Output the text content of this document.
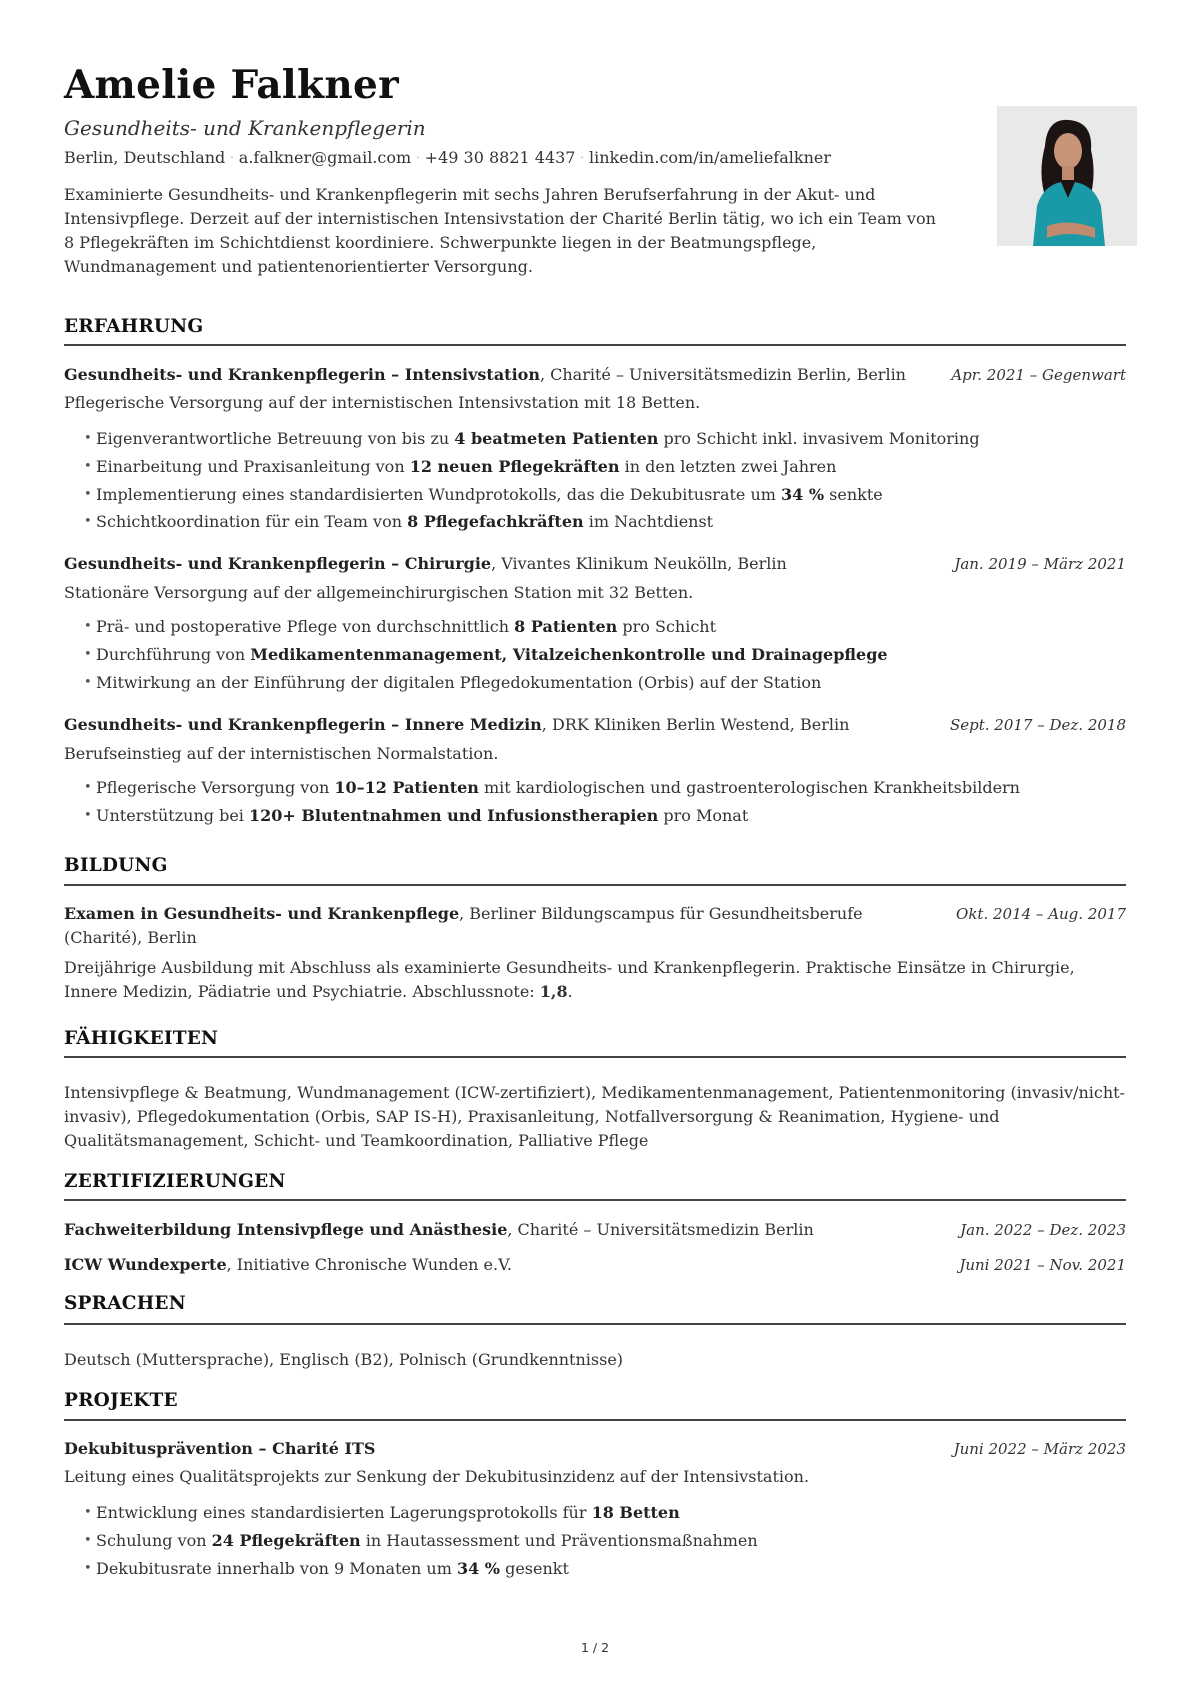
Amelie Falkner
Gesundheits- und Krankenpflegerin
Berlin, Deutschland · a.falkner@gmail.com · +49 30 8821 4437 · linkedin.com/in/ameliefalkner
Examinierte Gesundheits- und Krankenpflegerin mit sechs Jahren Berufserfahrung in der Akut- und Intensivpflege. Derzeit auf der internistischen Intensivstation der Charité Berlin tätig, wo ich ein Team von 8 Pflegekräften im Schichtdienst koordiniere. Schwerpunkte liegen in der Beatmungspflege, Wundmanagement und patientenorientierter Versorgung.
ERFAHRUNG
Gesundheits- und Krankenpflegerin – Intensivstation, Charité – Universitätsmedizin Berlin, Berlin	Apr. 2021 – Gegenwart
Pflegerische Versorgung auf der internistischen Intensivstation mit 18 Betten.
• Eigenverantwortliche Betreuung von bis zu 4 beatmeten Patienten pro Schicht inkl. invasivem Monitoring
• Einarbeitung und Praxisanleitung von 12 neuen Pflegekräften in den letzten zwei Jahren
• Implementierung eines standardisierten Wundprotokolls, das die Dekubitusrate um 34 % senkte
• Schichtkoordination für ein Team von 8 Pflegefachkräften im Nachtdienst
Gesundheits- und Krankenpflegerin – Chirurgie, Vivantes Klinikum Neukölln, Berlin	Jan. 2019 – März 2021
Stationäre Versorgung auf der allgemeinchirurgischen Station mit 32 Betten.
• Prä- und postoperative Pflege von durchschnittlich 8 Patienten pro Schicht
• Durchführung von Medikamentenmanagement, Vitalzeichenkontrolle und Drainagepflege
• Mitwirkung an der Einführung der digitalen Pflegedokumentation (Orbis) auf der Station
Gesundheits- und Krankenpflegerin – Innere Medizin, DRK Kliniken Berlin Westend, Berlin	Sept. 2017 – Dez. 2018
Berufseinstieg auf der internistischen Normalstation.
• Pflegerische Versorgung von 10–12 Patienten mit kardiologischen und gastroenterologischen Krankheitsbildern
• Unterstützung bei 120+ Blutentnahmen und Infusionstherapien pro Monat
BILDUNG
Examen in Gesundheits- und Krankenpflege, Berliner Bildungscampus für Gesundheitsberufe	Okt. 2014 – Aug. 2017
(Charité), Berlin
Dreijährige Ausbildung mit Abschluss als examinierte Gesundheits- und Krankenpflegerin. Praktische Einsätze in Chirurgie, Innere Medizin, Pädiatrie und Psychiatrie. Abschlussnote: 1,8.
FÄHIGKEITEN
Intensivpflege & Beatmung, Wundmanagement (ICW-zertifiziert), Medikamentenmanagement, Patientenmonitoring (invasiv/nicht-invasiv), Pflegedokumentation (Orbis, SAP IS-H), Praxisanleitung, Notfallversorgung & Reanimation, Hygiene- und Qualitätsmanagement, Schicht- und Teamkoordination, Palliative Pflege
ZERTIFIZIERUNGEN
Fachweiterbildung Intensivpflege und Anästhesie, Charité – Universitätsmedizin Berlin	Jan. 2022 – Dez. 2023
ICW Wundexperte, Initiative Chronische Wunden e.V.	Juni 2021 – Nov. 2021
SPRACHEN
Deutsch (Muttersprache), Englisch (B2), Polnisch (Grundkenntnisse)
PROJEKTE
Dekubitusprävention – Charité ITS	Juni 2022 – März 2023
Leitung eines Qualitätsprojekts zur Senkung der Dekubitusinzidenz auf der Intensivstation.
• Entwicklung eines standardisierten Lagerungsprotokolls für 18 Betten
• Schulung von 24 Pflegekräften in Hautassessment und Präventionsmaßnahmen
• Dekubitusrate innerhalb von 9 Monaten um 34 % gesenkt
1 / 2
